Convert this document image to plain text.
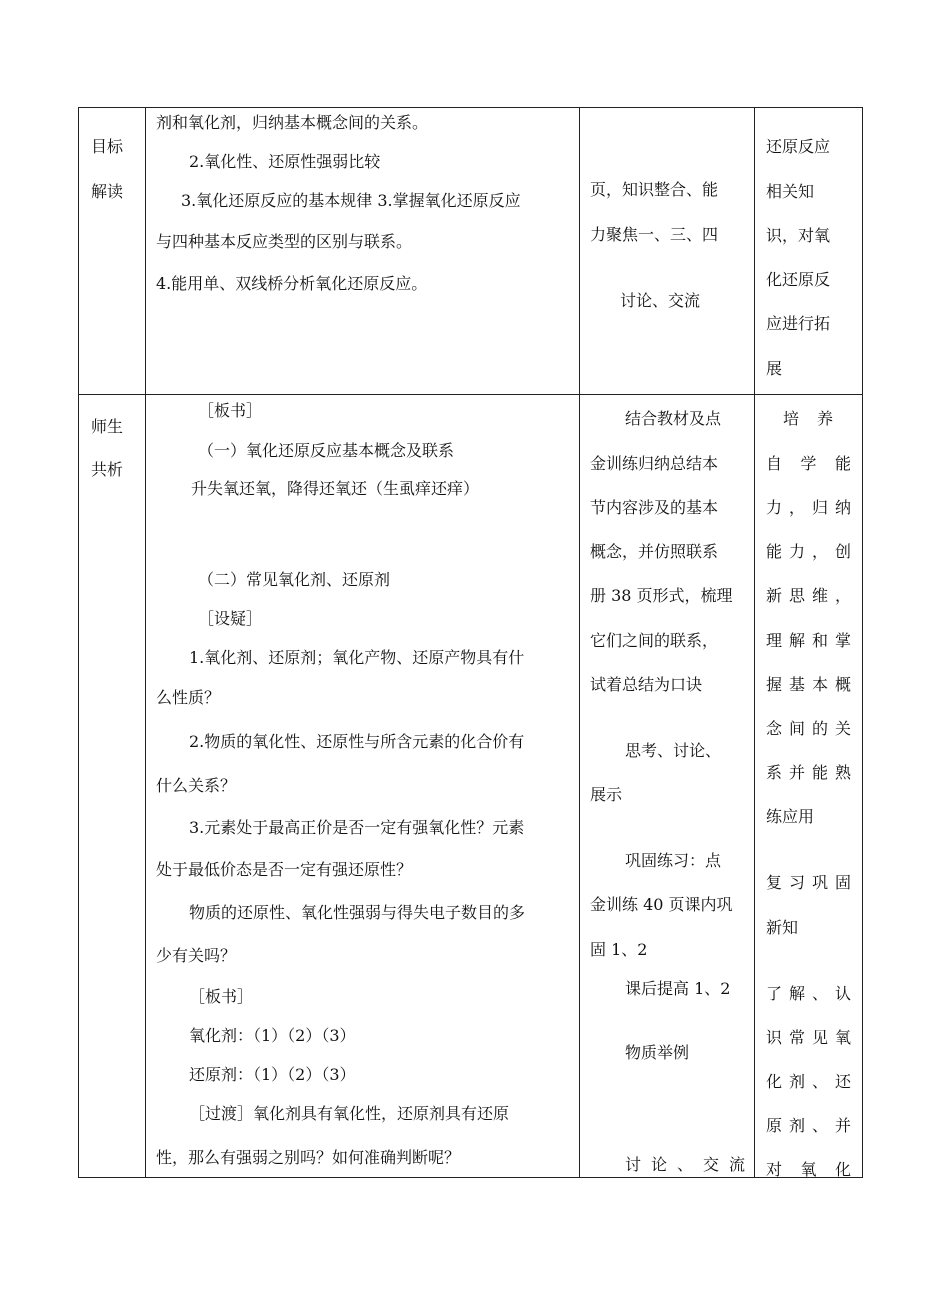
目标
解读
剂和氧化剂，归纳基本概念间的关系。
2.氧化性、还原性强弱比较
3.氧化还原反应的基本规律 3.掌握氧化还原反应
与四种基本反应类型的区别与联系。
4.能用单、双线桥分析氧化还原反应。
页，知识整合、能
力聚焦一、三、四
讨论、交流
还原反应
相关知
识，对氧
化还原反
应进行拓
展
师生
共析
［板书］
（一）氧化还原反应基本概念及联系
升失氧还氧，降得还氧还（生虱痒还痒）
（二）常见氧化剂、还原剂
［设疑］
1.氧化剂、还原剂；氧化产物、还原产物具有什
么性质？
2.物质的氧化性、还原性与所含元素的化合价有
什么关系？
3.元素处于最高正价是否一定有强氧化性？元素
处于最低价态是否一定有强还原性？
物质的还原性、氧化性强弱与得失电子数目的多
少有关吗？
［板书］
氧化剂：（1）（2）（3）
还原剂：（1）（2）（3）
［过渡］氧化剂具有氧化性，还原剂具有还原
性，那么有强弱之别吗？如何准确判断呢？
结合教材及点
金训练归纳总结本
节内容涉及的基本
概念，并仿照联系
册 38 页形式，梳理
它们之间的联系，
试着总结为口诀
思考、讨论、
展示
巩固练习：点
金训练 40 页课内巩
固 1、2
课后提高 1、2
物质举例
讨 论 、 交 流
培养
自 学 能
力 ， 归 纳
能 力 ， 创
新 思 维 ，
理 解 和 掌
握 基 本 概
念 间 的 关
系 并 能 熟
练应用
复 习 巩 固
新知
了 解 、 认
识 常 见 氧
化 剂 、 还
原 剂 、 并
对 氧 化
